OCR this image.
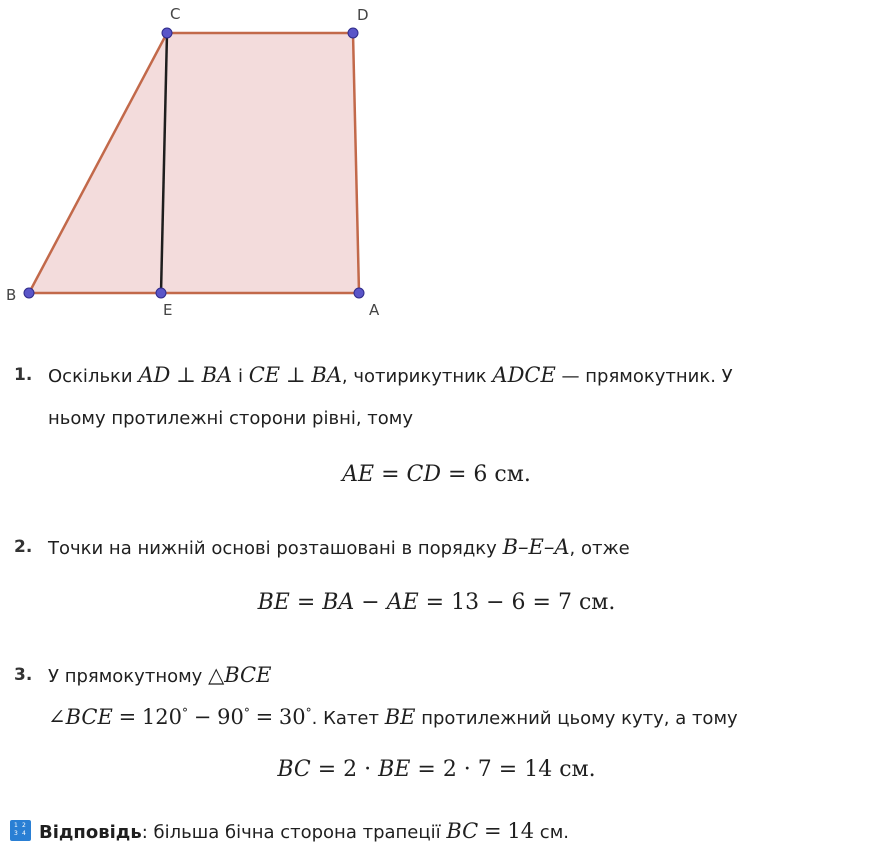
C	D
B
E	A
1. Оскільки AD ⊥ BA і CE ⊥ BA, чотирикутник ADCE — прямокутник. У
ньому протилежні сторони рівні, тому
AE = CD = 6 см.
2. Точки на нижній основі розташовані в порядку B–E–A, отже
BE = BA − AE = 13 − 6 = 7 см.
3. У прямокутному △BCE
∠BCE = 120° − 90° = 30°. Катет BE протилежний цьому куту, а тому
BC = 2 · BE = 2 · 7 = 14 см.
1 2
3 4 Відповідь: більша бічна сторона трапеції BC = 14 см.
